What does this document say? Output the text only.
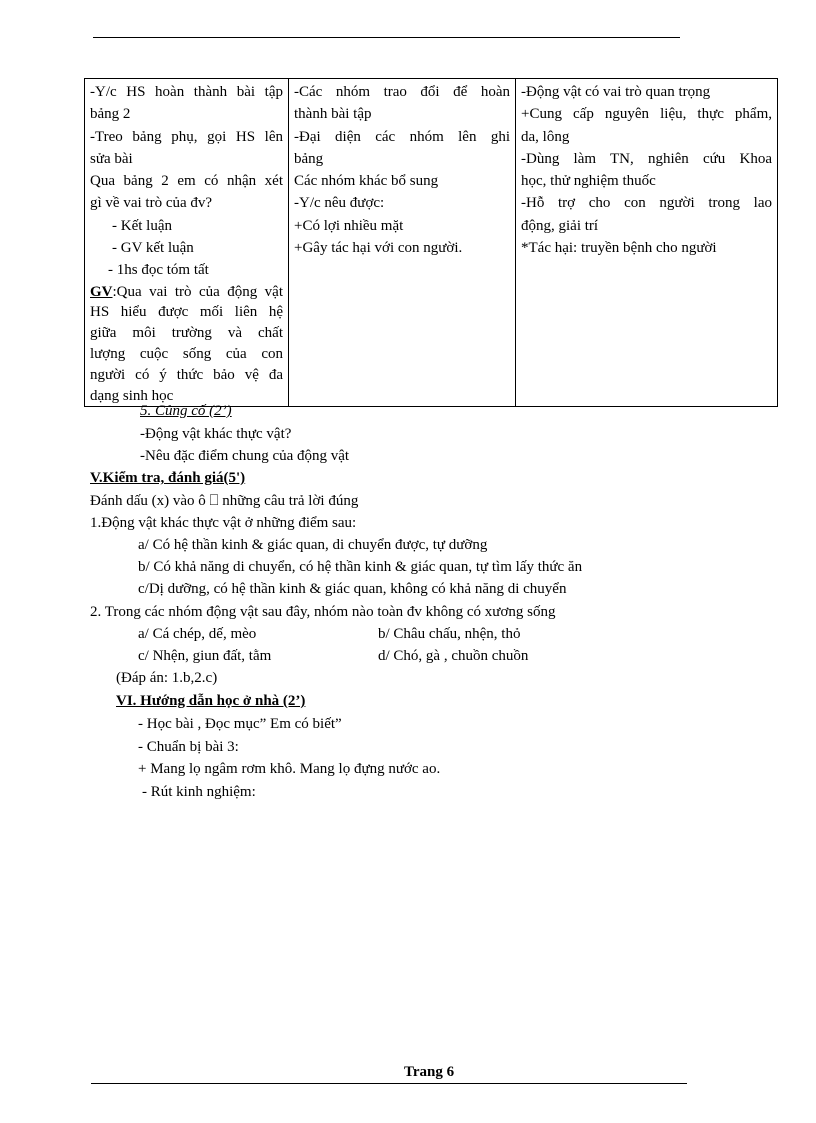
-Y/c HS hoàn thành bài tập
bảng 2
-Treo bảng phụ, gọi HS lên
sửa bài
Qua bảng 2 em có nhận xét
gì về vai trò của đv?
- Kết luận
- GV kết luận
- 1hs đọc tóm tất
GV:Qua vai trò của động vật
HS hiểu được mối liên hệ
giữa môi trường và chất
lượng cuộc sống của con
người có ý thức bảo vệ đa
dạng sinh học

-Các nhóm trao đổi để hoàn
thành bài tập
-Đại diện các nhóm lên ghi
bảng
Các nhóm khác bổ sung
-Y/c nêu được:
+Có lợi nhiều mặt
+Gây tác hại với con người.

-Động vật có vai trò quan trọng
+Cung cấp nguyên liệu, thực phẩm,
da, lông
-Dùng làm TN, nghiên cứu Khoa
học, thử nghiệm thuốc
-Hỗ trợ cho con người trong lao
động, giải trí
*Tác hại: truyền bệnh cho người
5. Củng cố (2’)
-Động vật khác thực vật?
-Nêu đặc điểm chung của động vật
V.Kiểm tra, đánh giá(5')
Đánh dấu (x) vào ô ⎕ những câu trả lời đúng
1.Động vật khác thực vật ở những điểm sau:
a/ Có hệ thần kinh & giác quan, di chuyển được, tự dưỡng
b/ Có khả năng di chuyển, có hệ thần kinh & giác quan, tự tìm lấy thức ăn
c/Dị dưỡng, có hệ thần kinh & giác quan, không có khả năng di chuyển
2. Trong các nhóm động vật sau đây, nhóm nào toàn đv không có xương sống
a/ Cá chép, dế, mèo	b/ Châu chấu, nhện, thỏ
c/ Nhện, giun đất, tằm	d/ Chó, gà , chuồn chuồn
(Đáp án: 1.b,2.c)
VI. Hướng dẫn học ở nhà (2’)
- Học bài , Đọc mục” Em có biết”
- Chuẩn bị bài 3:
+ Mang lọ ngâm rơm khô. Mang lọ đựng nước ao.
- Rút kinh nghiệm:
Trang 6
